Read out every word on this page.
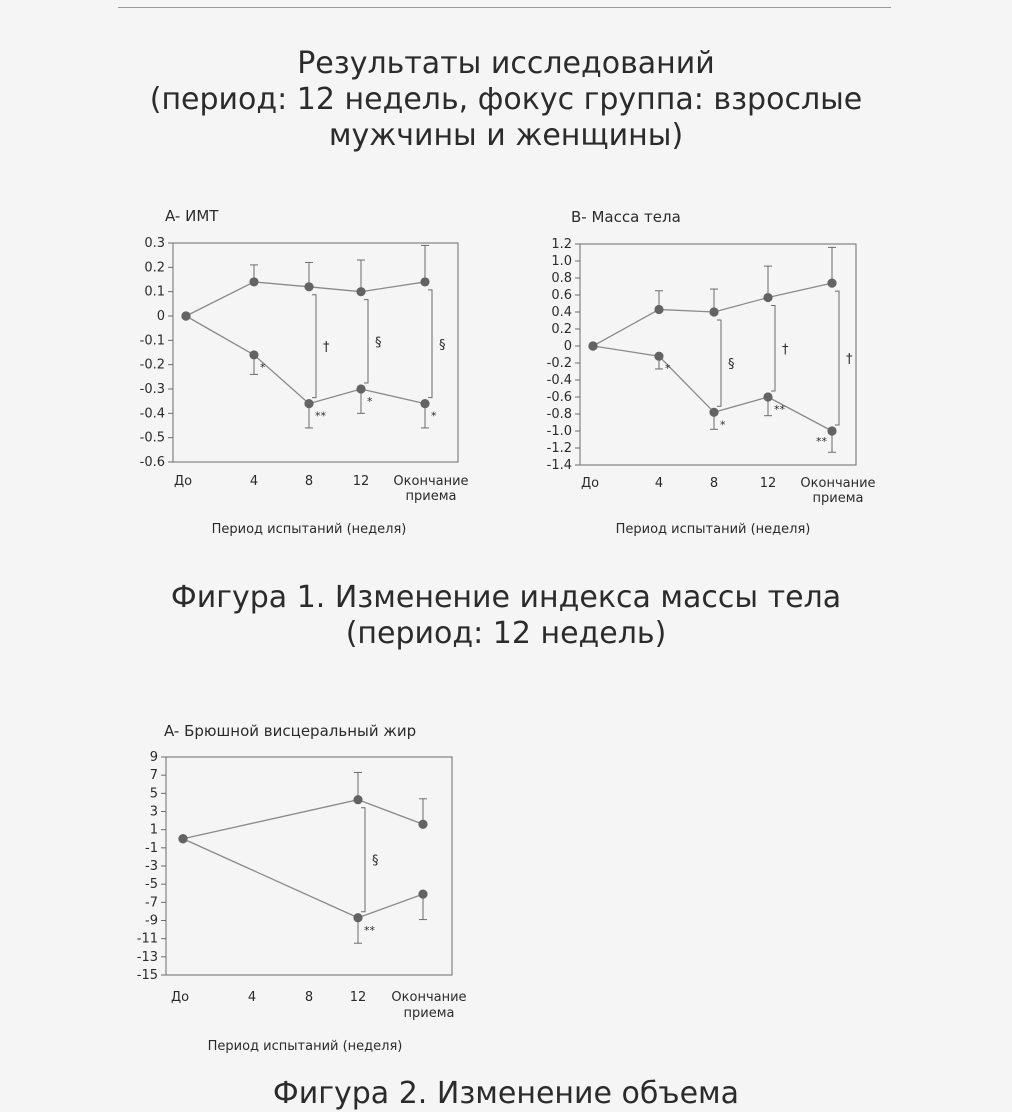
Результаты исследований
(период: 12 недель, фокус группа: взрослые
мужчины и женщины)
A- ИМТ
0.3
0.2
0.1
0
-0.1
-0.2
-0.3
-0.4
-0.5
-0.6
До	4	8	12 Окончание
приема
Период испытаний (неделя)
*
**
*
*
†	§	§
B- Масса тела
1.2
1.0
0.8
0.6
0.4
0.2
0
-0.2
-0.4
-0.6
-0.8
-1.0
-1.2
-1.4
До	4	8	12 Окончание
приема
Период испытаний (неделя)
*
*
**
**
§
†
†
A- Брюшной висцеральный жир
9
7
5
3
1
-1
-3
-5
-7
-9
-11
-13
-15
До	4	8	12 Окончание
приема
Период испытаний (неделя)
**
§
Фигура 1. Изменение индекса массы тела
(период: 12 недель)
Фигура 2. Изменение объема
